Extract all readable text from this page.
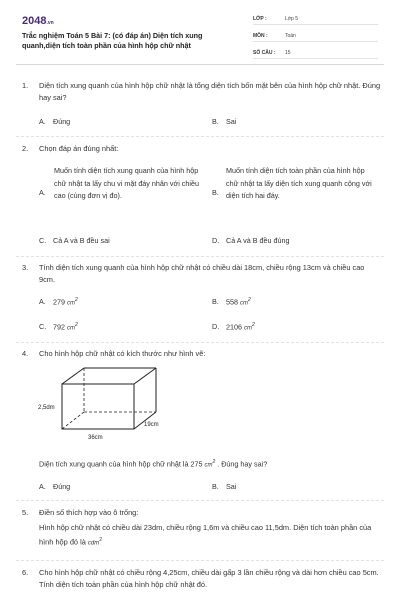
2048.vn
Trắc nghiệm Toán 5 Bài 7: (có đáp án) Diện tích xung quanh,diện tích toàn phần của hình hộp chữ nhật
LỚP :	Lớp 5
MÔN :	Toán
SỐ CÂU :	15
1.	Diện tích xung quanh của hình hộp chữ nhật là tổng diện tích bốn mặt bên của hình hộp chữ nhật. Đúng hay sai?
A. Đúng	B. Sai
2.	Chọn đáp án đúng nhất:
A.
Muốn tính diện tích xung quanh của hình hộp chữ nhật ta lấy chu vi mặt đáy nhân với chiều cao (cùng đơn vị đo).	B.
Muốn tính diện tích toàn phần của hình hộp chữ nhật ta lấy diện tích xung quanh cộng với diện tích hai đáy.
C. Cả A và B đều sai	D. Cả A và B đều đúng
3.	Tính diện tích xung quanh của hình hộp chữ nhật có chiều dài 18cm, chiều rộng 13cm và chiều cao 9cm.
A. 279 $cm^2$	B. 558 $cm^2$
C. 792 $cm^2$	D. 2106 $cm^2$
4.	Cho hình hộp chữ nhật có kích thước như hình vẽ:
2,5dm
19cm
36cm
Diện tích xung quanh của hình hộp chữ nhật là 275 $cm^2$ . Đúng hay sai?
A. Đúng	B. Sai
5.	Điền số thích hợp vào ô trống:
Hình hộp chữ nhật có chiều dài 23dm, chiều rộng 1,6m và chiều cao 11,5dm. Diện tích toàn phần của hình hộp đó là cdm$^2$
6.	Cho hình hộp chữ nhật có chiều rộng 4,25cm, chiều dài gấp 3 lần chiều rộng và dài hơn chiều cao 5cm. Tính diện tích toàn phần của hình hộp chữ nhật đó.
